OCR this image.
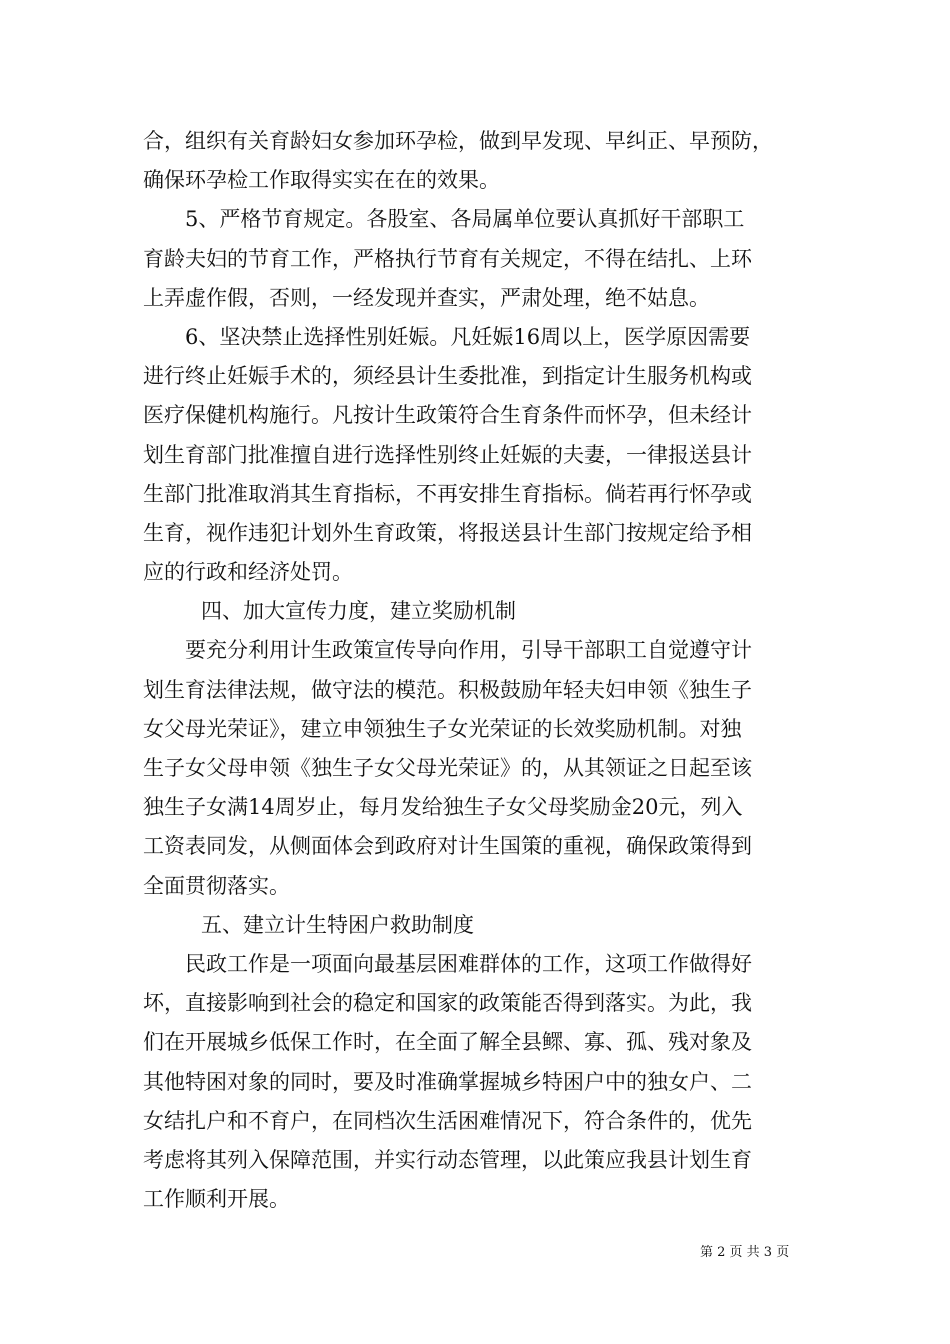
合，组织有关育龄妇女参加环孕检，做到早发现、早纠正、早预防，
确保环孕检工作取得实实在在的效果。
5、严格节育规定。各股室、各局属单位要认真抓好干部职工
育龄夫妇的节育工作，严格执行节育有关规定，不得在结扎、上环
上弄虚作假，否则，一经发现并查实，严肃处理，绝不姑息。
6、坚决禁止选择性别妊娠。凡妊娠16周以上，医学原因需要
进行终止妊娠手术的，须经县计生委批准，到指定计生服务机构或
医疗保健机构施行。凡按计生政策符合生育条件而怀孕，但未经计
划生育部门批准擅自进行选择性别终止妊娠的夫妻，一律报送县计
生部门批准取消其生育指标，不再安排生育指标。倘若再行怀孕或
生育，视作违犯计划外生育政策，将报送县计生部门按规定给予相
应的行政和经济处罚。
四、加大宣传力度，建立奖励机制
要充分利用计生政策宣传导向作用，引导干部职工自觉遵守计
划生育法律法规，做守法的模范。积极鼓励年轻夫妇申领《独生子
女父母光荣证》，建立申领独生子女光荣证的长效奖励机制。对独
生子女父母申领《独生子女父母光荣证》的，从其领证之日起至该
独生子女满14周岁止，每月发给独生子女父母奖励金20元，列入
工资表同发，从侧面体会到政府对计生国策的重视，确保政策得到
全面贯彻落实。
五、建立计生特困户救助制度
民政工作是一项面向最基层困难群体的工作，这项工作做得好
坏，直接影响到社会的稳定和国家的政策能否得到落实。为此，我
们在开展城乡低保工作时，在全面了解全县鳏、寡、孤、残对象及
其他特困对象的同时，要及时准确掌握城乡特困户中的独女户、二
女结扎户和不育户，在同档次生活困难情况下，符合条件的，优先
考虑将其列入保障范围，并实行动态管理，以此策应我县计划生育
工作顺利开展。
第 2 页 共 3 页
